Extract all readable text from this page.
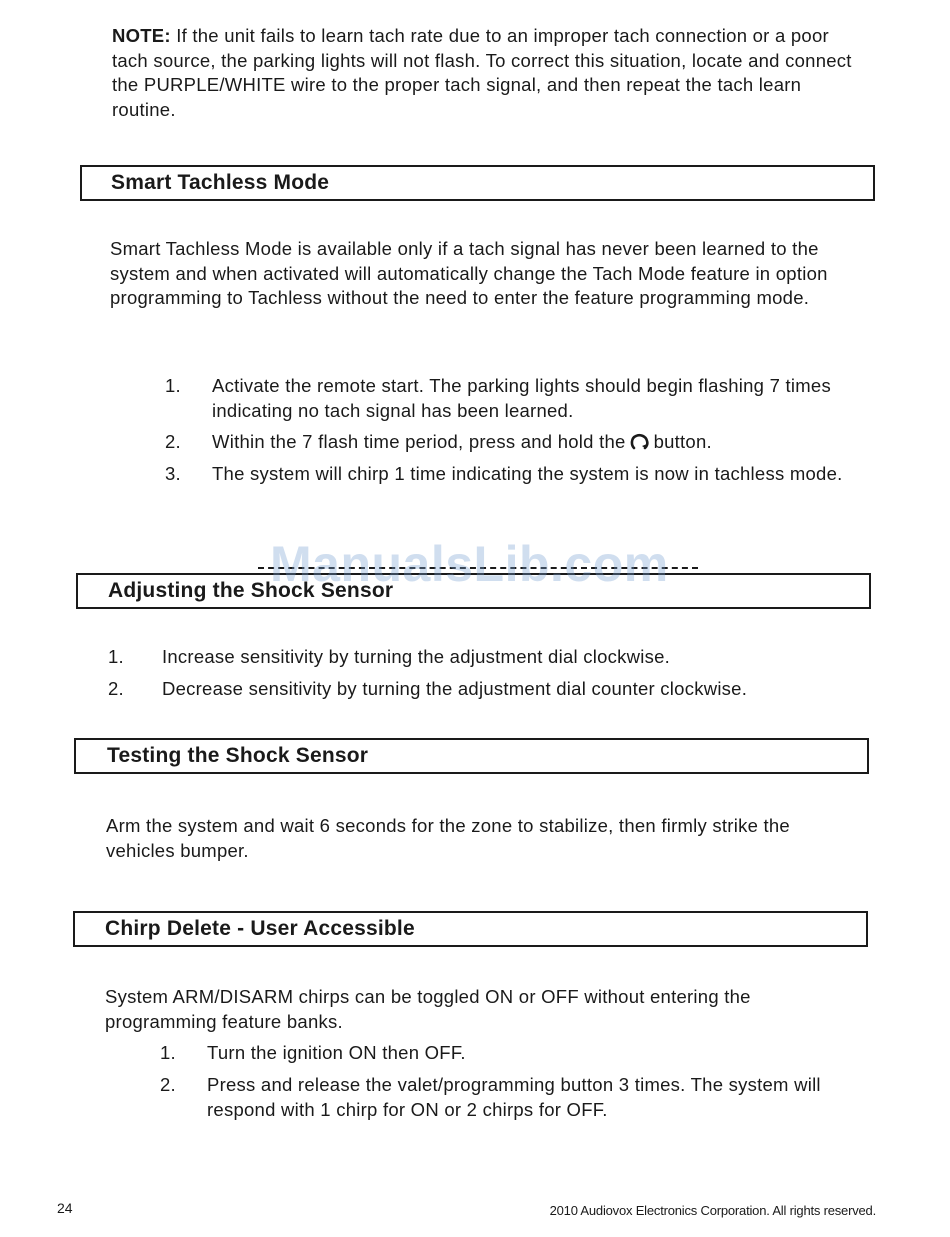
NOTE: If the unit fails to learn tach rate due to an improper tach connection or a poor tach source, the parking lights will not flash. To correct this situation, locate and connect the PURPLE/WHITE wire to the proper tach signal, and then repeat the tach learn routine.

Smart Tachless Mode

Smart Tachless Mode is available only if a tach signal has never been learned to the system and when activated will automatically change the Tach Mode feature in option programming to Tachless without the need to enter the feature programming mode.

1. Activate the remote start. The parking lights should begin flashing 7 times indicating no tach signal has been learned.
2. Within the 7 flash time period, press and hold the button.
3. The system will chirp 1 time indicating the system is now in tachless mode.
Adjusting the Shock Sensor
ManualsLib.com
1. Increase sensitivity by turning the adjustment dial clockwise.
2. Decrease sensitivity by turning the adjustment dial counter clockwise.
Testing the Shock Sensor

Arm the system and wait 6 seconds for the zone to stabilize, then firmly strike the vehicles bumper.

Chirp Delete - User Accessible

System ARM/DISARM chirps can be toggled ON or OFF without entering the programming feature banks.

1. Turn the ignition ON then OFF.
2. Press and release the valet/programming button 3 times. The system will respond with 1 chirp for ON or 2 chirps for OFF.
24	2010 Audiovox Electronics Corporation. All rights reserved.
